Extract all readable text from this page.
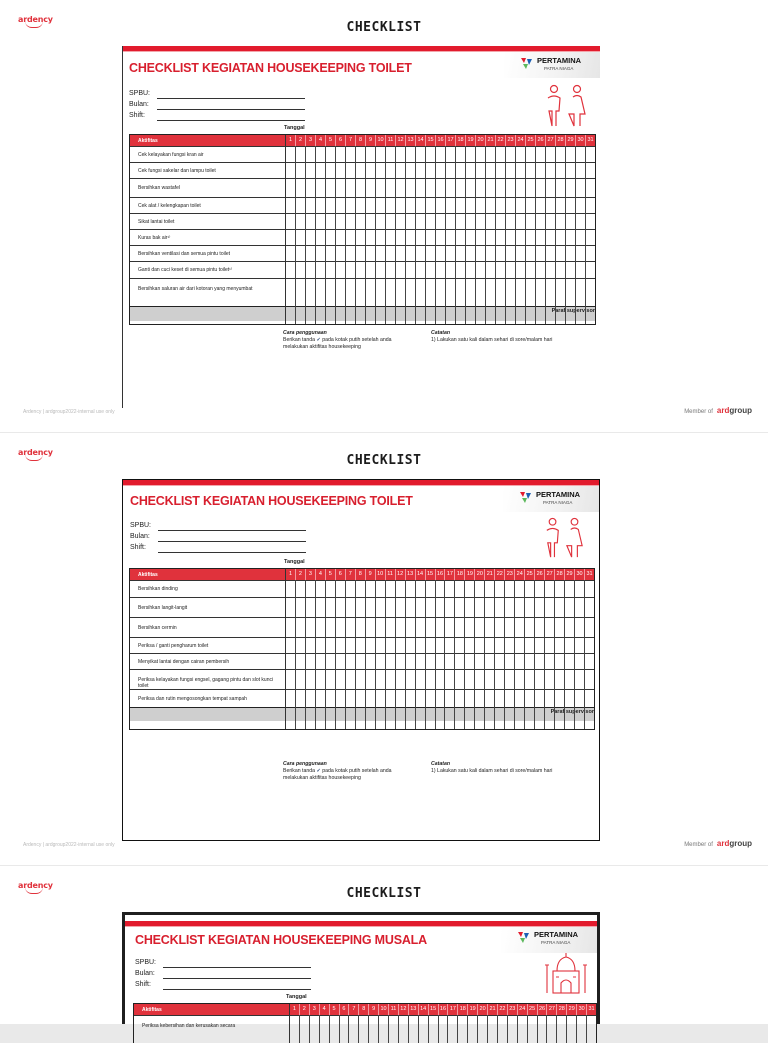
ardency
CHECKLIST
CHECKLIST KEGIATAN HOUSEKEEPING TOILET
PERTAMINA
PATRA NIAGA
SPBU:
Bulan:
Shift:
Tanggal
Aktifitas	1	2	3	4	5	6	7	8	9 10 11 12 13 14 15 16 17 18 19 20 21 22 23 24 25 26 27 28 29 30 31
Cek kelayakan fungsi kran air
Cek fungsi sakelar dan lampu toilet
Bersihkan wastafel
Cek alat / kelengkapan toilet
Sikat lantai toilet
Kuras bak air¹⁾
Bersihkan ventilasi dan semua pintu toilet
Ganti dan cuci keset di semua pintu toilet¹⁾
Bersihkan saluran air dari kotoran yang menyumbat
Paraf supervisor
Cara penggunaan
Berikan tanda ✓ pada kotak putih setelah anda melakukan aktifitas housekeeping
Catatan
1) Lakukan satu kali dalam sehari di sore/malam hari
Ardency | ardgroup2022-internal use only	Member of ardgroup
ardency
CHECKLIST
CHECKLIST KEGIATAN HOUSEKEEPING TOILET	PERTAMINA
PATRA NIAGA
SPBU:
Bulan:
Shift:
Tanggal
Aktifitas	1	2	3	4	5	6	7	8	9 10 11 12 13 14 15 16 17 18 19 20 21 22 23 24 25 26 27 28 29 30 31
Bersihkan dinding
Bersihkan langit-langit
Bersihkan cermin
Periksa / ganti pengharum toilet
Menyikat lantai dengan cairan pembersih
Periksa kelayakan fungsi engsel, gagang pintu dan slot kunci toilet
Periksa dan rutin mengosongkan tempat sampah
Paraf supervisor
Cara penggunaan
Berikan tanda ✓ pada kotak putih setelah anda melakukan aktifitas housekeeping
Catatan
1) Lakukan satu kali dalam sehari di sore/malam hari
Ardency | ardgroup2022-internal use only	Member of ardgroup
ardency
CHECKLIST
CHECKLIST KEGIATAN HOUSEKEEPING MUSALA	PERTAMINA
PATRA NIAGA
SPBU:
Bulan:
Shift:
Tanggal
Aktifitas	1	2	3	4	5	6	7	8	9 10 11 12 13 14 15 16 17 18 19 20 21 22 23 24 25 26 27 28 29 30 31
Periksa kebersihan dan kerusakan secara
